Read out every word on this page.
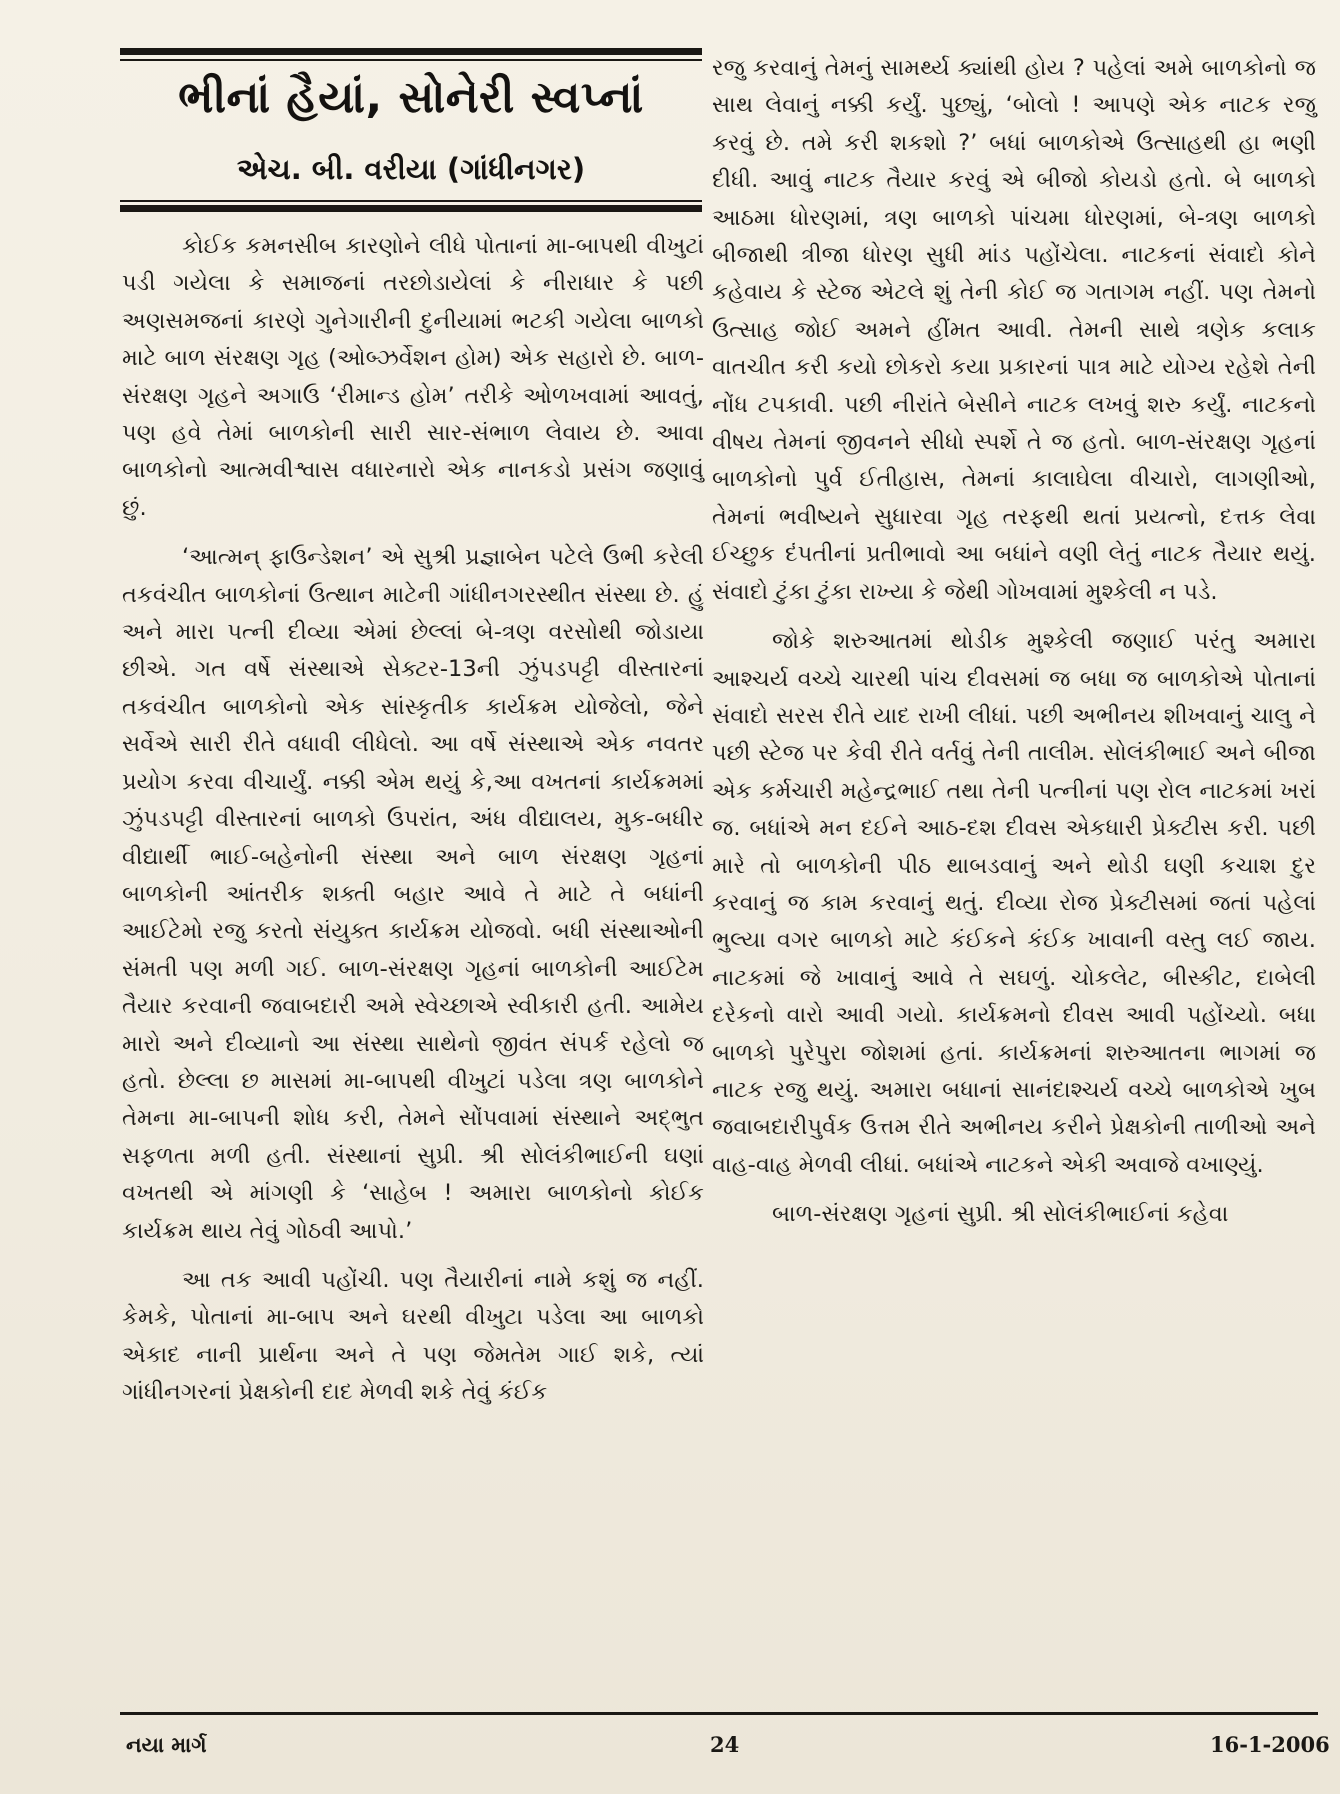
ભીનાં હૈયાં, સોનેરી સ્વપ્નાં
એચ. બી. વરીયા (ગાંધીનગર)

કોઈક કમનસીબ કારણોને લીધે પોતાનાં મા-બાપથી વીખુટાં પડી ગયેલા કે સમાજનાં તરછોડાયેલાં કે નીરાધાર કે પછી અણસમજનાં કારણે ગુનેગારીની દુનીયામાં ભટકી ગયેલા બાળકો માટે બાળ સંરક્ષણ ગૃહ (ઓબ્ઝર્વેશન હોમ) એક સહારો છે. બાળ-સંરક્ષણ ગૃહને અગાઉ ‘રીમાન્ડ હોમ’ તરીકે ઓળખવામાં આવતું, પણ હવે તેમાં બાળકોની સારી સાર-સંભાળ લેવાય છે. આવા બાળકોનો આત્મવીશ્વાસ વધારનારો એક નાનકડો પ્રસંગ જણાવું છું.

‘આત્મન્ ફાઉન્ડેશન’ એ સુશ્રી પ્રજ્ઞાબેન પટેલે ઉભી કરેલી તકવંચીત બાળકોનાં ઉત્થાન માટેની ગાંધીનગરસ્થીત સંસ્થા છે. હું અને મારા પત્ની દીવ્યા એમાં છેલ્લાં બે-ત્રણ વરસોથી જોડાયા છીએ. ગત વર્ષે સંસ્થાએ સેક્ટર-13ની ઝુંપડપટ્ટી વીસ્તારનાં તકવંચીત બાળકોનો એક સાંસ્કૃતીક કાર્યક્રમ યોજેલો, જેને સર્વેએ સારી રીતે વધાવી લીધેલો. આ વર્ષે સંસ્થાએ એક નવતર પ્રયોગ કરવા વીચાર્યું. નક્કી એમ થયું કે,આ વખતનાં કાર્યક્રમમાં ઝુંપડપટ્ટી વીસ્તારનાં બાળકો ઉપરાંત, અંધ વીદ્યાલય, મુક-બધીર વીદ્યાર્થી ભાઈ-બહેનોની સંસ્થા અને બાળ સંરક્ષણ ગૃહનાં બાળકોની આંતરીક શક્તી બહાર આવે તે માટે તે બધાંની આઈટેમો રજુ કરતો સંયુક્ત કાર્યક્રમ યોજવો. બધી સંસ્થાઓની સંમતી પણ મળી ગઈ. બાળ-સંરક્ષણ ગૃહનાં બાળકોની આઈટેમ તૈયાર કરવાની જવાબદારી અમે સ્વેચ્છાએ સ્વીકારી હતી. આમેય મારો અને દીવ્યાનો આ સંસ્થા સાથેનો જીવંત સંપર્ક રહેલો જ હતો. છેલ્લા છ માસમાં મા-બાપથી વીખુટાં પડેલા ત્રણ બાળકોને તેમના મા-બાપની શોધ કરી, તેમને સોંપવામાં સંસ્થાને અદ્ભુત સફળતા મળી હતી. સંસ્થાનાં સુપ્રી. શ્રી સોલંકીભાઈની ઘણાં વખતથી એ માંગણી કે ‘સાહેબ ! અમારા બાળકોનો કોઈક કાર્યક્રમ થાય તેવું ગોઠવી આપો.’

આ તક આવી પહોંચી. પણ તૈયારીનાં નામે કશું જ નહીં. કેમકે, પોતાનાં મા-બાપ અને ઘરથી વીખુટા પડેલા આ બાળકો એકાદ નાની પ્રાર્થના અને તે પણ જેમતેમ ગાઈ શકે, ત્યાં ગાંધીનગરનાં પ્રેક્ષકોની દાદ મેળવી શકે તેવું કંઈક

રજુ કરવાનું તેમનું સામર્થ્ય ક્યાંથી હોય ? પહેલાં અમે બાળકોનો જ સાથ લેવાનું નક્કી કર્યું. પુછ્યું, ‘બોલો ! આપણે એક નાટક રજુ કરવું છે. તમે કરી શકશો ?’ બધાં બાળકોએ ઉત્સાહથી હા ભણી દીધી. આવું નાટક તૈયાર કરવું એ બીજો કોયડો હતો. બે બાળકો આઠમા ધોરણમાં, ત્રણ બાળકો પાંચમા ધોરણમાં, બે-ત્રણ બાળકો બીજાથી ત્રીજા ધોરણ સુધી માંડ પહોંચેલા. નાટકનાં સંવાદો કોને કહેવાય કે સ્ટેજ એટલે શું તેની કોઈ જ ગતાગમ નહીં. પણ તેમનો ઉત્સાહ જોઈ અમને હીંમત આવી. તેમની સાથે ત્રણેક કલાક વાતચીત કરી કયો છોકરો કયા પ્રકારનાં પાત્ર માટે યોગ્ય રહેશે તેની નોંધ ટપકાવી. પછી નીરાંતે બેસીને નાટક લખવું શરુ કર્યું. નાટકનો વીષય તેમનાં જીવનને સીધો સ્પર્શે તે જ હતો. બાળ-સંરક્ષણ ગૃહનાં બાળકોનો પુર્વ ઈતીહાસ, તેમનાં કાલાઘેલા વીચારો, લાગણીઓ, તેમનાં ભવીષ્યને સુધારવા ગૃહ તરફથી થતાં પ્રયત્નો, દત્તક લેવા ઈચ્છુક દંપતીનાં પ્રતીભાવો આ બધાંને વણી લેતું નાટક તૈયાર થયું. સંવાદો ટુંકા ટુંકા રાખ્યા કે જેથી ગોખવામાં મુશ્કેલી ન પડે.

જોકે શરુઆતમાં થોડીક મુશ્કેલી જણાઈ પરંતુ અમારા આશ્ચર્ય વચ્ચે ચારથી પાંચ દીવસમાં જ બધા જ બાળકોએ પોતાનાં સંવાદો સરસ રીતે યાદ રાખી લીધાં. પછી અભીનય શીખવાનું ચાલુ ને પછી સ્ટેજ પર કેવી રીતે વર્તવું તેની તાલીમ. સોલંકીભાઈ અને બીજા એક કર્મચારી મહેન્દ્રભાઈ તથા તેની પત્નીનાં પણ રોલ નાટકમાં ખરાં જ. બધાંએ મન દઈને આઠ-દશ દીવસ એકધારી પ્રેક્ટીસ કરી. પછી મારે તો બાળકોની પીઠ થાબડવાનું અને થોડી ઘણી કચાશ દુર કરવાનું જ કામ કરવાનું થતું. દીવ્યા રોજ પ્રેક્ટીસમાં જતાં પહેલાં ભુલ્યા વગર બાળકો માટે કંઈકને કંઈક ખાવાની વસ્તુ લઈ જાય. નાટકમાં જે ખાવાનું આવે તે સઘળું. ચોકલેટ, બીસ્કીટ, દાબેલી દરેકનો વારો આવી ગયો. કાર્યક્રમનો દીવસ આવી પહોંચ્યો. બધા બાળકો પુરેપુરા જોશમાં હતાં. કાર્યક્રમનાં શરુઆતના ભાગમાં જ નાટક રજુ થયું. અમારા બધાનાં સાનંદાશ્ચર્ય વચ્ચે બાળકોએ ખુબ જવાબદારીપુર્વક ઉત્તમ રીતે અભીનય કરીને પ્રેક્ષકોની તાળીઓ અને વાહ-વાહ મેળવી લીધાં. બધાંએ નાટકને એકી અવાજે વખાણ્યું.

બાળ-સંરક્ષણ ગૃહનાં સુપ્રી. શ્રી સોલંકીભાઈનાં કહેવા

નયા માર્ગ	24	16-1-2006
